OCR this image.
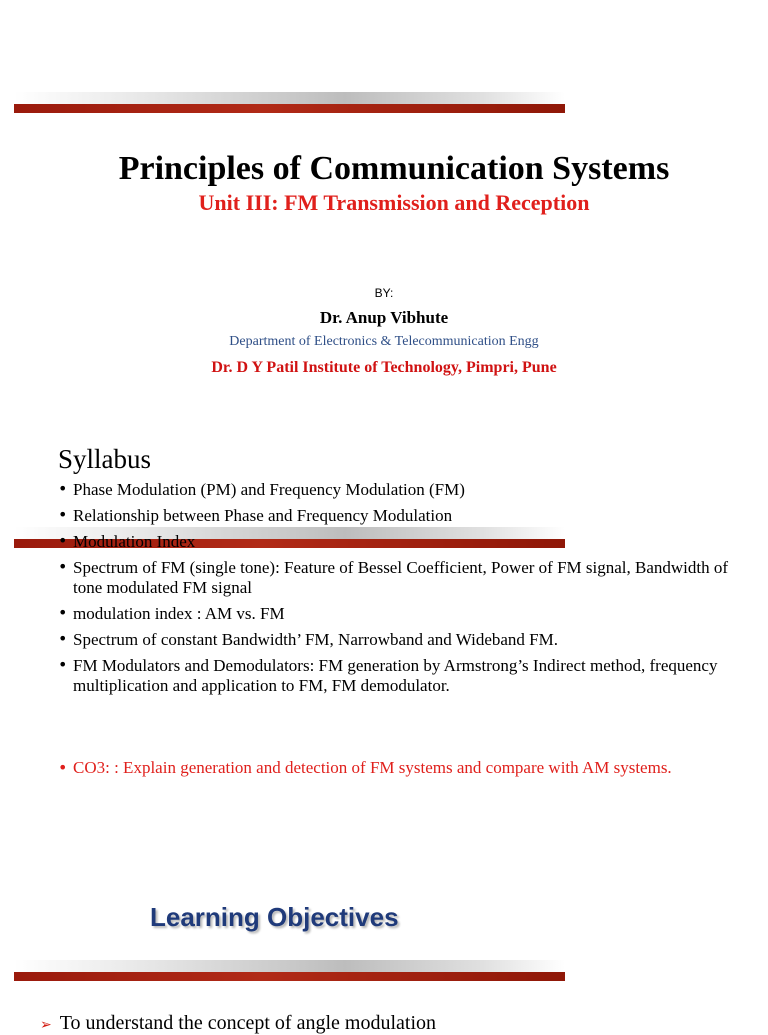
Principles of Communication Systems
Unit III: FM Transmission and Reception
BY:
Dr. Anup Vibhute
Department of Electronics & Telecommunication Engg
Dr. D Y Patil Institute of Technology, Pimpri, Pune
Syllabus
• Phase Modulation (PM) and Frequency Modulation (FM)
• Relationship between Phase and Frequency Modulation
• Modulation Index
• Spectrum of FM (single tone): Feature of Bessel Coefficient, Power of FM signal, Bandwidth of tone modulated FM signal
• modulation index : AM vs. FM
• Spectrum of constant Bandwidth’ FM, Narrowband and Wideband FM.
• FM Modulators and Demodulators: FM generation by Armstrong’s Indirect method, frequency multiplication and application to FM, FM demodulator.
• CO3: : Explain generation and detection of FM systems and compare with AM systems.
Learning Objectives
➢ To understand the concept of angle modulation
